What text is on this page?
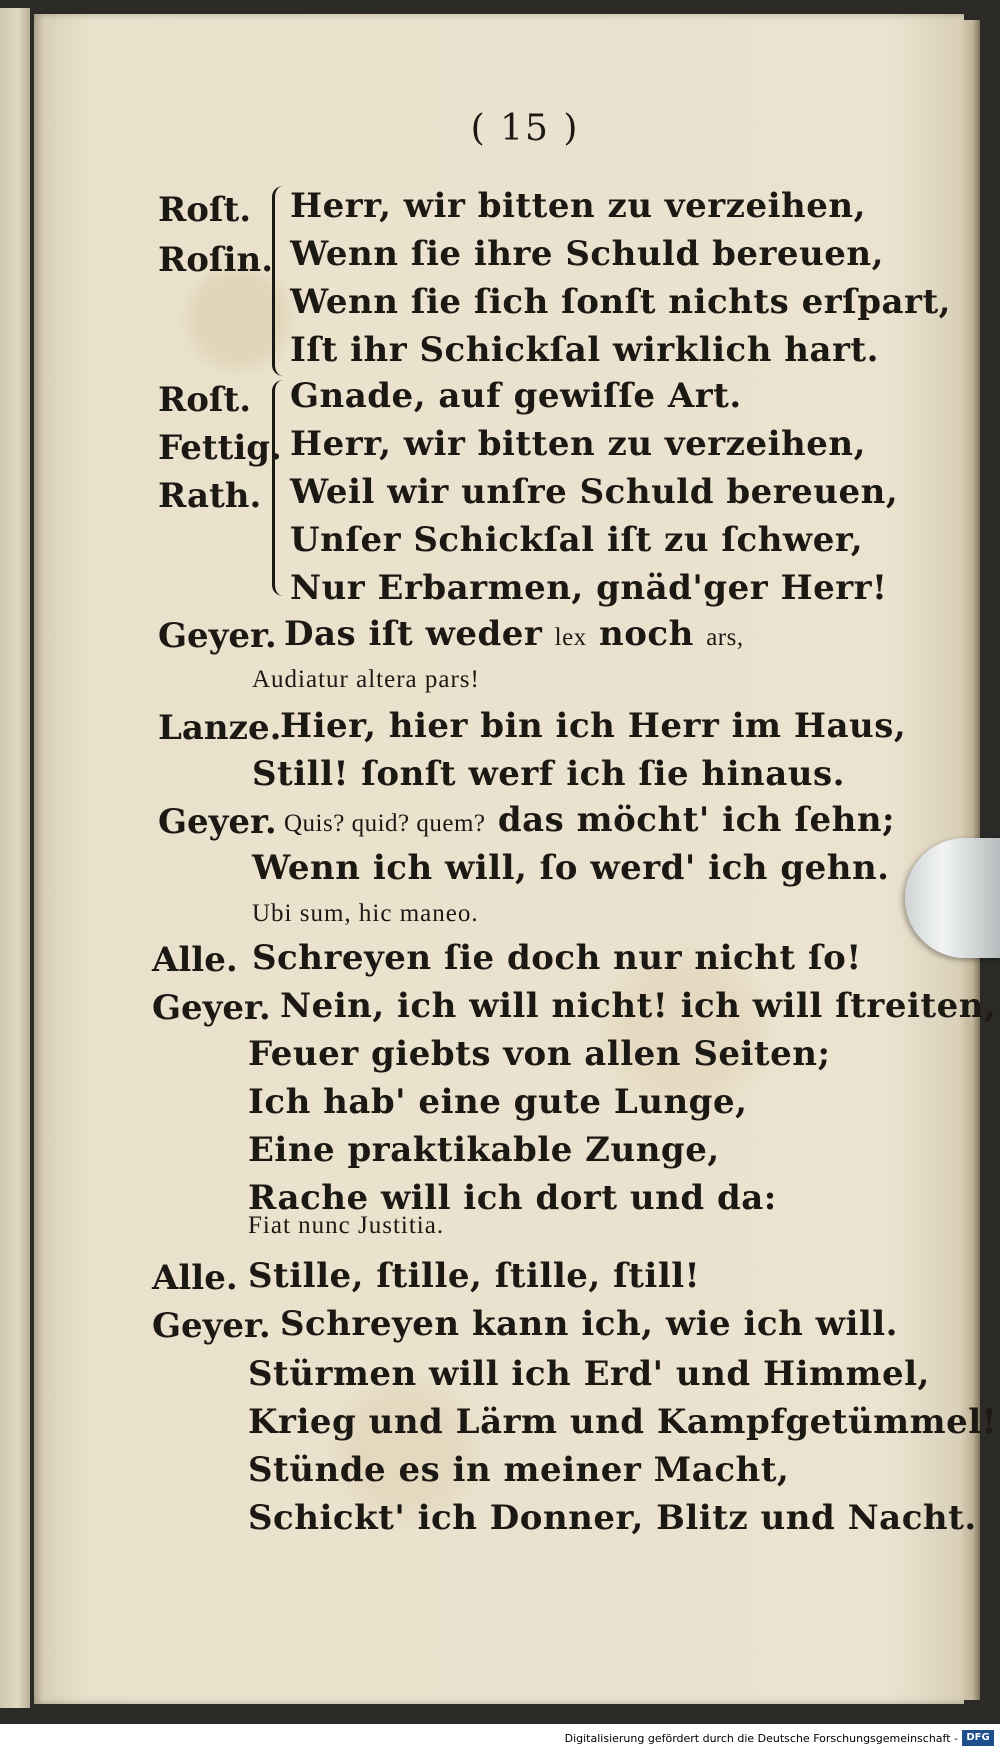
( 15 )
Roſt.
Roſin.
Herr, wir bitten zu verzeihen,
Wenn ſie ihre Schuld bereuen,
Wenn ſie ſich ſonſt nichts erſpart,
Iſt ihr Schickſal wirklich hart.
Roſt.
Fettig.
Rath.
Gnade, auf gewiſſe Art.
Herr, wir bitten zu verzeihen,
Weil wir unſre Schuld bereuen,
Unſer Schickſal iſt zu ſchwer,
Nur Erbarmen, gnäd'ger Herr!
Geyer. Das iſt weder lex noch ars,
Audiatur altera pars!
Lanze.
Hier, hier bin ich Herr im Haus,
Still! ſonſt werf ich ſie hinaus.
Geyer. Quis? quid? quem? das möcht' ich ſehn;
Wenn ich will, ſo werd' ich gehn.
Ubi sum, hic maneo.
Alle. Schreyen ſie doch nur nicht ſo!
Geyer. Nein, ich will nicht! ich will ſtreiten,
Feuer giebts von allen Seiten;
Ich hab' eine gute Lunge,
Eine praktikable Zunge,
Rache will ich dort und da:
Fiat nunc Justitia.
Alle. Stille, ſtille, ſtille, ſtill!
Geyer. Schreyen kann ich, wie ich will.
Stürmen will ich Erd' und Himmel,
Krieg und Lärm und Kampfgetümmel!
Stünde es in meiner Macht,
Schickt' ich Donner, Blitz und Nacht.
Digitalisierung gefördert durch die Deutsche Forschungsgemeinschaft - DFG
